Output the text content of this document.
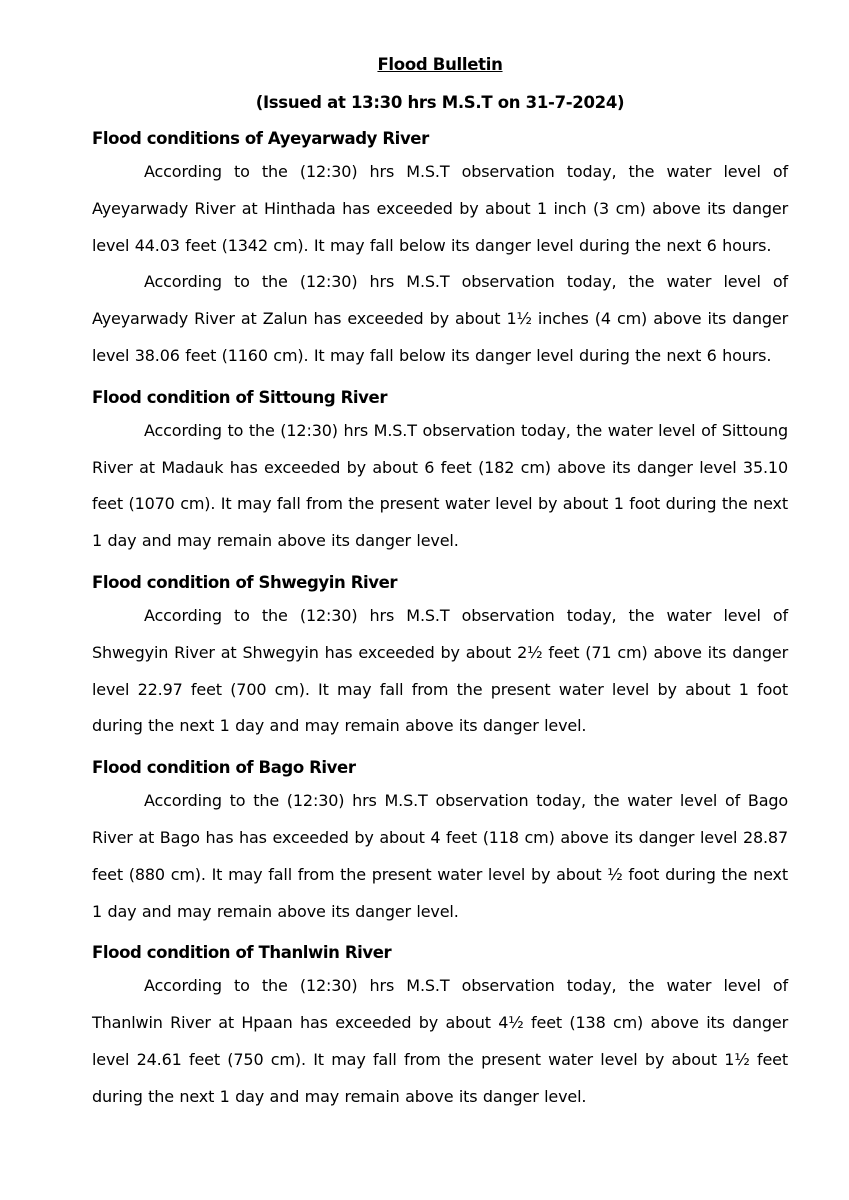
Flood Bulletin

(Issued at 13:30 hrs M.S.T on 31-7-2024)

Flood conditions of Ayeyarwady River

According to the (12:30) hrs M.S.T observation today, the water level of Ayeyarwady River at Hinthada has exceeded by about 1 inch (3 cm) above its danger level 44.03 feet (1342 cm). It may fall below its danger level during the next 6 hours.

According to the (12:30) hrs M.S.T observation today, the water level of Ayeyarwady River at Zalun has exceeded by about 1½ inches (4 cm) above its danger level 38.06 feet (1160 cm). It may fall below its danger level during the next 6 hours.

Flood condition of Sittoung River

According to the (12:30) hrs M.S.T observation today, the water level of Sittoung River at Madauk has exceeded by about 6 feet (182 cm) above its danger level 35.10 feet (1070 cm). It may fall from the present water level by about 1 foot during the next 1 day and may remain above its danger level.

Flood condition of Shwegyin River

According to the (12:30) hrs M.S.T observation today, the water level of Shwegyin River at Shwegyin has exceeded by about 2½ feet (71 cm) above its danger level 22.97 feet (700 cm). It may fall from the present water level by about 1 foot during the next 1 day and may remain above its danger level.

Flood condition of Bago River

According to the (12:30) hrs M.S.T observation today, the water level of Bago River at Bago has has exceeded by about 4 feet (118 cm) above its danger level 28.87 feet (880 cm). It may fall from the present water level by about ½ foot during the next 1 day and may remain above its danger level.

Flood condition of Thanlwin River

According to the (12:30) hrs M.S.T observation today, the water level of Thanlwin River at Hpaan has exceeded by about 4½ feet (138 cm) above its danger level 24.61 feet (750 cm). It may fall from the present water level by about 1½ feet during the next 1 day and may remain above its danger level.
